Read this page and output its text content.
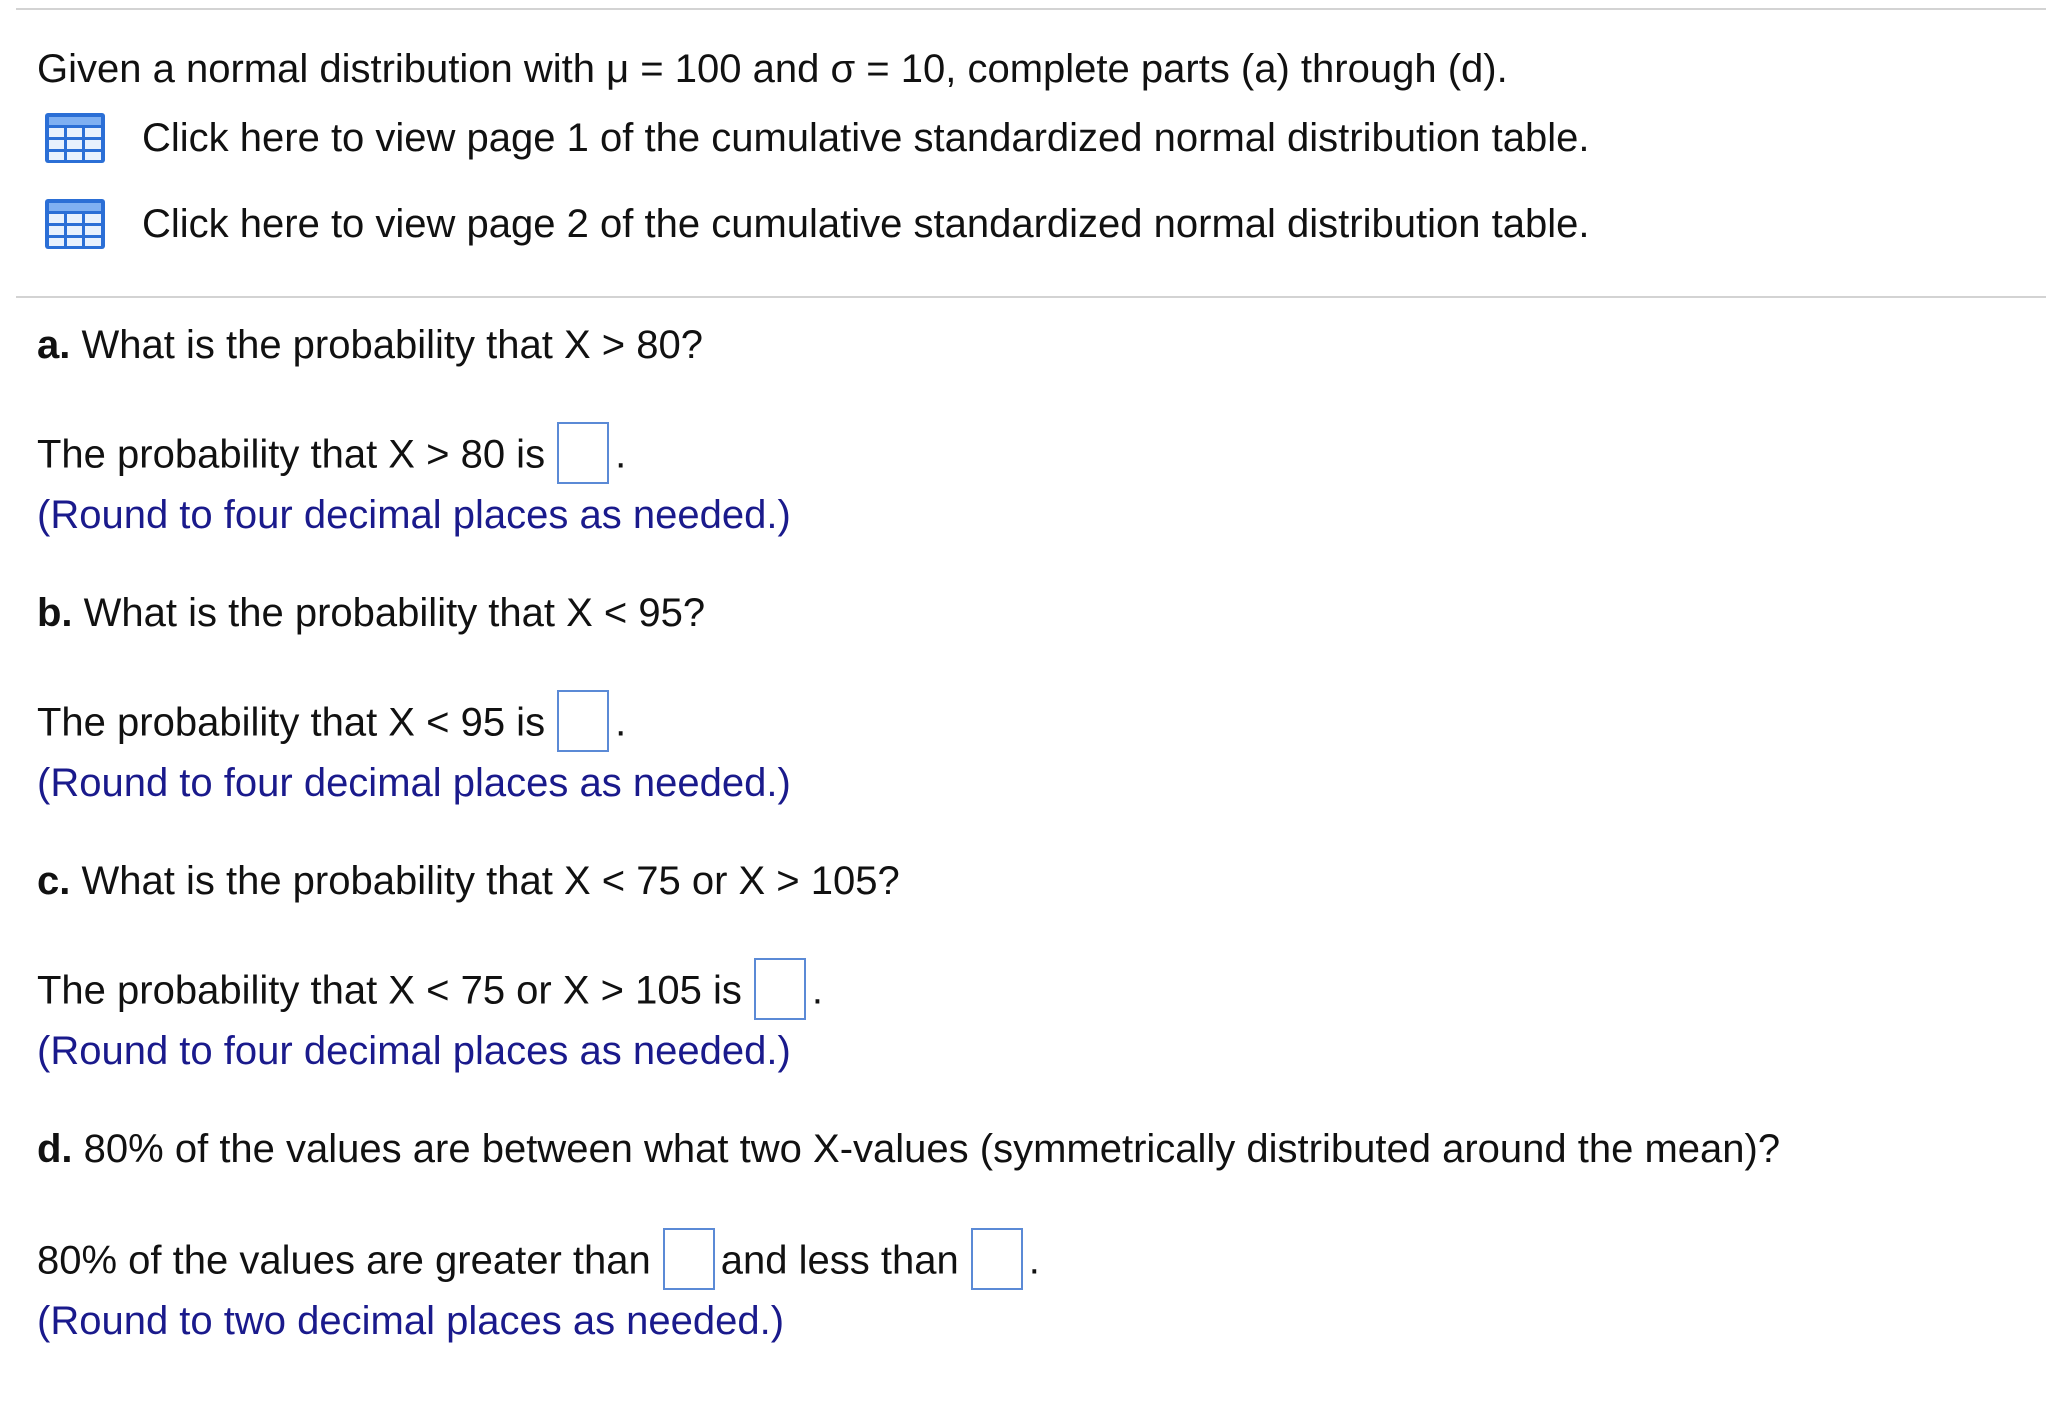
Given a normal distribution with μ = 100 and σ = 10, complete parts (a) through (d).
Click here to view page 1 of the cumulative standardized normal distribution table.
Click here to view page 2 of the cumulative standardized normal distribution table.
a. What is the probability that X > 80?
The probability that X > 80 is .
(Round to four decimal places as needed.)
b. What is the probability that X < 95?
The probability that X < 95 is .
(Round to four decimal places as needed.)
c. What is the probability that X < 75 or X > 105?
The probability that X < 75 or X > 105 is .
(Round to four decimal places as needed.)
d. 80% of the values are between what two X-values (symmetrically distributed around the mean)?
80% of the values are greater than and less than .
(Round to two decimal places as needed.)
